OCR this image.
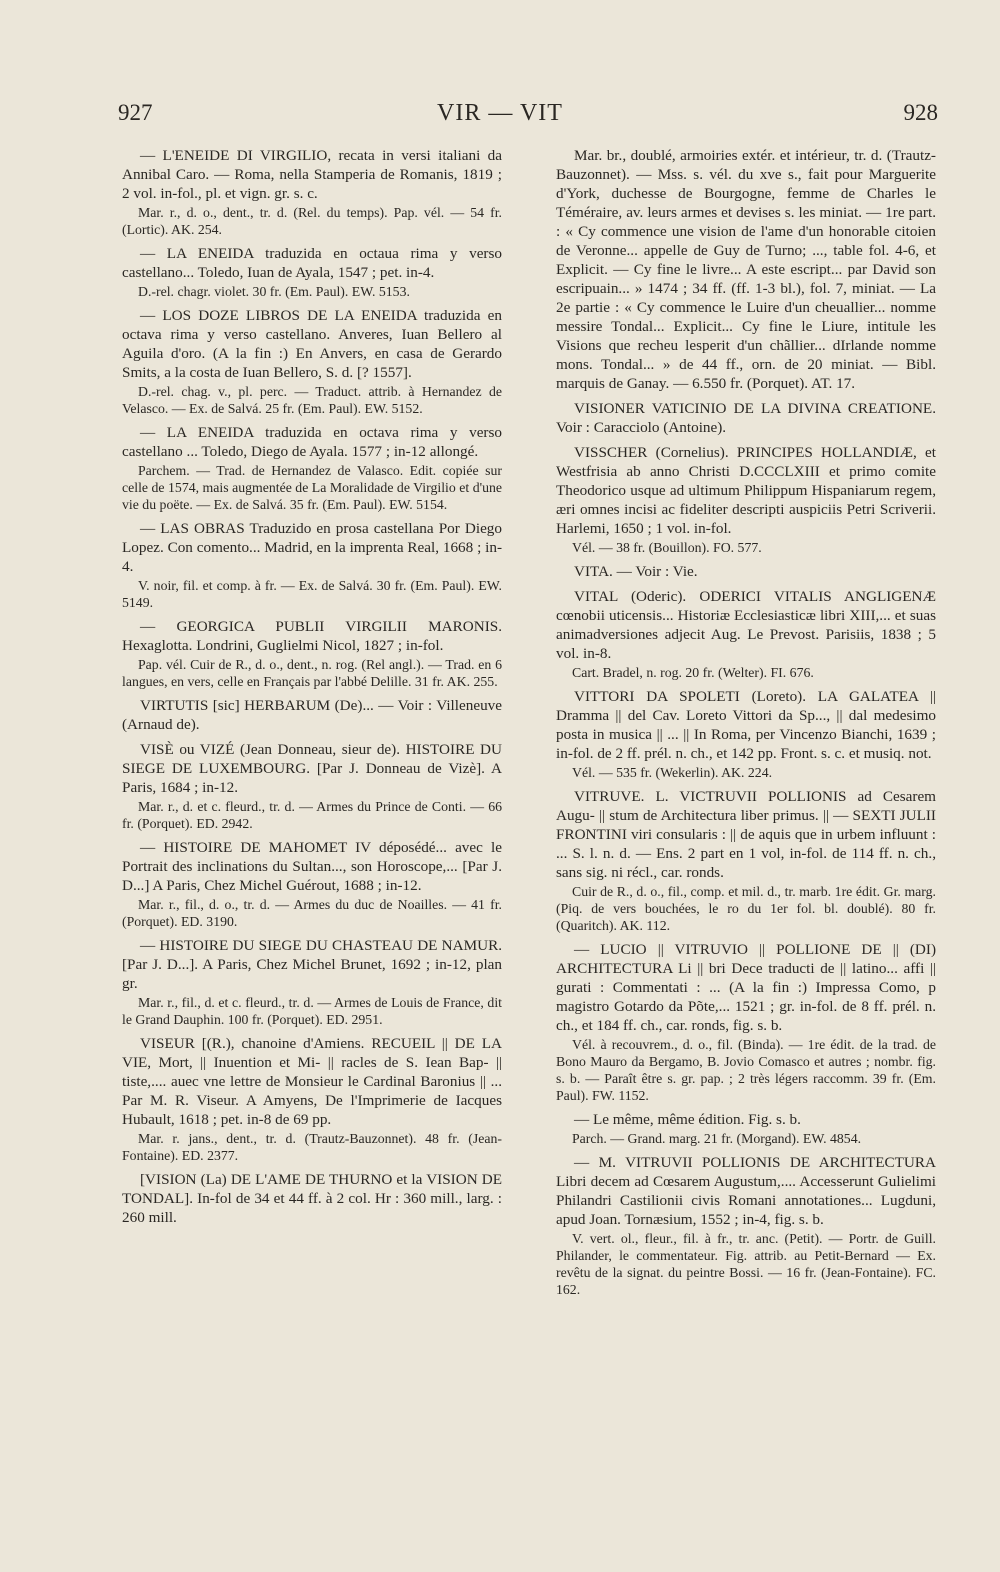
927	VIR — VIT	928
— L'ENEIDE DI VIRGILIO, recata in versi italiani da Annibal Caro. — Roma, nella Stamperia de Romanis, 1819 ; 2 vol. in-fol., pl. et vign. gr. s. c.
Mar. r., d. o., dent., tr. d. (Rel. du temps). Pap. vél. — 54 fr. (Lortic). AK. 254.
— LA ENEIDA traduzida en octaua rima y verso castellano... Toledo, Iuan de Ayala, 1547 ; pet. in-4.
D.-rel. chagr. violet. 30 fr. (Em. Paul). EW. 5153.
— LOS DOZE LIBROS DE LA ENEIDA traduzida en octava rima y verso castellano. Anveres, Iuan Bellero al Aguila d'oro. (A la fin :) En Anvers, en casa de Gerardo Smits, a la costa de Iuan Bellero, S. d. [? 1557].
D.-rel. chag. v., pl. perc. — Traduct. attrib. à Hernandez de Velasco. — Ex. de Salvá. 25 fr. (Em. Paul). EW. 5152.
— LA ENEIDA traduzida en octava rima y verso castellano ... Toledo, Diego de Ayala. 1577 ; in-12 allongé.
Parchem. — Trad. de Hernandez de Valasco. Edit. copiée sur celle de 1574, mais augmentée de La Moralidade de Virgilio et d'une vie du poëte. — Ex. de Salvá. 35 fr. (Em. Paul). EW. 5154.
— LAS OBRAS Traduzido en prosa castellana Por Diego Lopez. Con comento... Madrid, en la imprenta Real, 1668 ; in-4.
V. noir, fil. et comp. à fr. — Ex. de Salvá. 30 fr. (Em. Paul). EW. 5149.
— GEORGICA PUBLII VIRGILII MARONIS. Hexaglotta. Londrini, Guglielmi Nicol, 1827 ; in-fol.
Pap. vél. Cuir de R., d. o., dent., n. rog. (Rel angl.). — Trad. en 6 langues, en vers, celle en Français par l'abbé Delille. 31 fr. AK. 255.
VIRTUTIS [sic] HERBARUM (De)... — Voir : Villeneuve (Arnaud de).
VISÈ ou VIZÉ (Jean Donneau, sieur de). HISTOIRE DU SIEGE DE LUXEMBOURG. [Par J. Donneau de Vizè]. A Paris, 1684 ; in-12.
Mar. r., d. et c. fleurd., tr. d. — Armes du Prince de Conti. — 66 fr. (Porquet). ED. 2942.
— HISTOIRE DE MAHOMET IV déposédé... avec le Portrait des inclinations du Sultan..., son Horoscope,... [Par J. D...] A Paris, Chez Michel Guérout, 1688 ; in-12.
Mar. r., fil., d. o., tr. d. — Armes du duc de Noailles. — 41 fr. (Porquet). ED. 3190.
— HISTOIRE DU SIEGE DU CHASTEAU DE NAMUR. [Par J. D...]. A Paris, Chez Michel Brunet, 1692 ; in-12, plan gr.
Mar. r., fil., d. et c. fleurd., tr. d. — Armes de Louis de France, dit le Grand Dauphin. 100 fr. (Porquet). ED. 2951.
VISEUR [(R.), chanoine d'Amiens. RECUEIL || DE LA VIE, Mort, || Inuention et Mi- || racles de S. Iean Bap- || tiste,.... auec vne lettre de Monsieur le Cardinal Baronius || ... Par M. R. Viseur. A Amyens, De l'Imprimerie de Iacques Hubault, 1618 ; pet. in-8 de 69 pp.
Mar. r. jans., dent., tr. d. (Trautz-Bauzonnet). 48 fr. (Jean-Fontaine). ED. 2377.
[VISION (La) DE L'AME DE THURNO et la VISION DE TONDAL]. In-fol de 34 et 44 ff. à 2 col. Hr : 360 mill., larg. : 260 mill.
Mar. br., doublé, armoiries extér. et intérieur, tr. d. (Trautz-Bauzonnet). — Mss. s. vél. du xve s., fait pour Marguerite d'York, duchesse de Bourgogne, femme de Charles le Téméraire, av. leurs armes et devises s. les miniat. — 1re part. : « Cy commence une vision de l'ame d'un honorable citoien de Veronne... appelle de Guy de Turno; ..., table fol. 4-6, et Explicit. — Cy fine le livre... A este escript... par David son escripuain... » 1474 ; 34 ff. (ff. 1-3 bl.), fol. 7, miniat. — La 2e partie : « Cy commence le Luire d'un cheuallier... nomme messire Tondal... Explicit... Cy fine le Liure, intitule les Visions que recheu lesperit d'un chãllier... dIrlande nomme mons. Tondal... » de 44 ff., orn. de 20 miniat. — Bibl. marquis de Ganay. — 6.550 fr. (Porquet). AT. 17.
VISIONER VATICINIO DE LA DIVINA CREATIONE. Voir : Caracciolo (Antoine).
VISSCHER (Cornelius). PRINCIPES HOLLANDIÆ, et Westfrisia ab anno Christi D.CCCLXIII et primo comite Theodorico usque ad ultimum Philippum Hispaniarum regem, æri omnes incisi ac fideliter descripti auspiciis Petri Scriverii. Harlemi, 1650 ; 1 vol. in-fol.
Vél. — 38 fr. (Bouillon). FO. 577.
VITA. — Voir : Vie.
VITAL (Oderic). ODERICI VITALIS ANGLIGENÆ cœnobii uticensis... Historiæ Ecclesiasticæ libri XIII,... et suas animadversiones adjecit Aug. Le Prevost. Parisiis, 1838 ; 5 vol. in-8.
Cart. Bradel, n. rog. 20 fr. (Welter). FI. 676.
VITTORI DA SPOLETI (Loreto). LA GALATEA || Dramma || del Cav. Loreto Vittori da Sp..., || dal medesimo posta in musica || ... || In Roma, per Vincenzo Bianchi, 1639 ; in-fol. de 2 ff. prél. n. ch., et 142 pp. Front. s. c. et musiq. not.
Vél. — 535 fr. (Wekerlin). AK. 224.
VITRUVE. L. VICTRUVII POLLIONIS ad Cesarem Augu- || stum de Architectura liber primus. || — SEXTI JULII FRONTINI viri consularis : || de aquis que in urbem influunt : ... S. l. n. d. — Ens. 2 part en 1 vol, in-fol. de 114 ff. n. ch., sans sig. ni récl., car. ronds.
Cuir de R., d. o., fil., comp. et mil. d., tr. marb. 1re édit. Gr. marg. (Piq. de vers bouchées, le ro du 1er fol. bl. doublé). 80 fr. (Quaritch). AK. 112.
— LUCIO || VITRUVIO || POLLIONE DE || (DI) ARCHITECTURA Li || bri Dece traducti de || latino... affi || gurati : Commentati : ... (A la fin :) Impressa Como, p magistro Gotardo da Põte,... 1521 ; gr. in-fol. de 8 ff. prél. n. ch., et 184 ff. ch., car. ronds, fig. s. b.
Vél. à recouvrem., d. o., fil. (Binda). — 1re édit. de la trad. de Bono Mauro da Bergamo, B. Jovio Comasco et autres ; nombr. fig. s. b. — Paraît être s. gr. pap. ; 2 très légers raccomm. 39 fr. (Em. Paul). FW. 1152.
— Le même, même édition. Fig. s. b.
Parch. — Grand. marg. 21 fr. (Morgand). EW. 4854.
— M. VITRUVII POLLIONIS DE ARCHITECTURA Libri decem ad Cœsarem Augustum,.... Accesserunt Gulielimi Philandri Castilionii civis Romani annotationes... Lugduni, apud Joan. Tornæsium, 1552 ; in-4, fig. s. b.
V. vert. ol., fleur., fil. à fr., tr. anc. (Petit). — Portr. de Guill. Philander, le commentateur. Fig. attrib. au Petit-Bernard — Ex. revêtu de la signat. du peintre Bossi. — 16 fr. (Jean-Fontaine). FC. 162.
